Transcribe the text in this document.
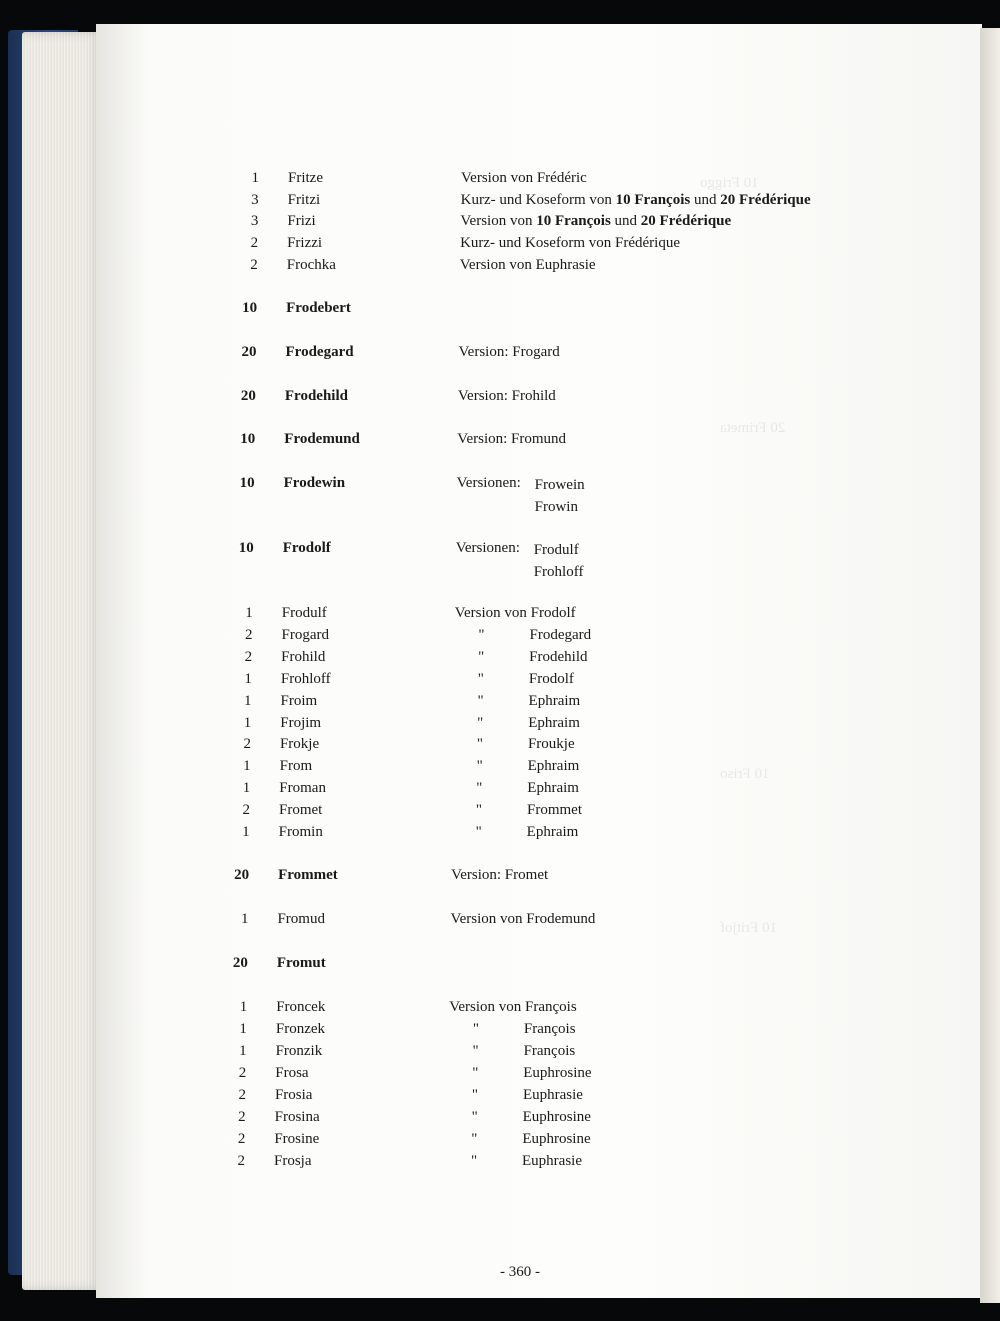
10 Friggo
20 Frimeta
10 Friso
10 Fritjof
1 Fritze	Version von Frédéric
3 Fritzi	Kurz- und Koseform von 10 François und 20 Frédérique
3 Frizi	Version von 10 François und 20 Frédérique
2 Frizzi	Kurz- und Koseform von Frédérique
2 Frochka	Version von Euphrasie
10 Frodebert
20 Frodegard	Version: Frogard
20 Frodehild	Version: Frohild
10 Frodemund	Version: Fromund
10 Frodewin	Versionen: Frowein
Frowin
10 Frodolf	Versionen: Frodulf
Frohloff
1 Frodulf	Version von Frodolf
2 Frogard	"	Frodegard
2 Frohild	"	Frodehild
1 Frohloff	"	Frodolf
1 Froim	"	Ephraim
1 Frojim	"	Ephraim
2 Frokje	"	Froukje
1 From	"	Ephraim
1 Froman	"	Ephraim
2 Fromet	"	Frommet
1 Fromin	"	Ephraim
20 Frommet	Version: Fromet
1 Fromud	Version von Frodemund
20 Fromut
1 Froncek	Version von François
1 Fronzek	"	François
1 Fronzik	"	François
2 Frosa	"	Euphrosine
2 Frosia	"	Euphrasie
2 Frosina	"	Euphrosine
2 Frosine	"	Euphrosine
2 Frosja	"	Euphrasie
- 360 -
